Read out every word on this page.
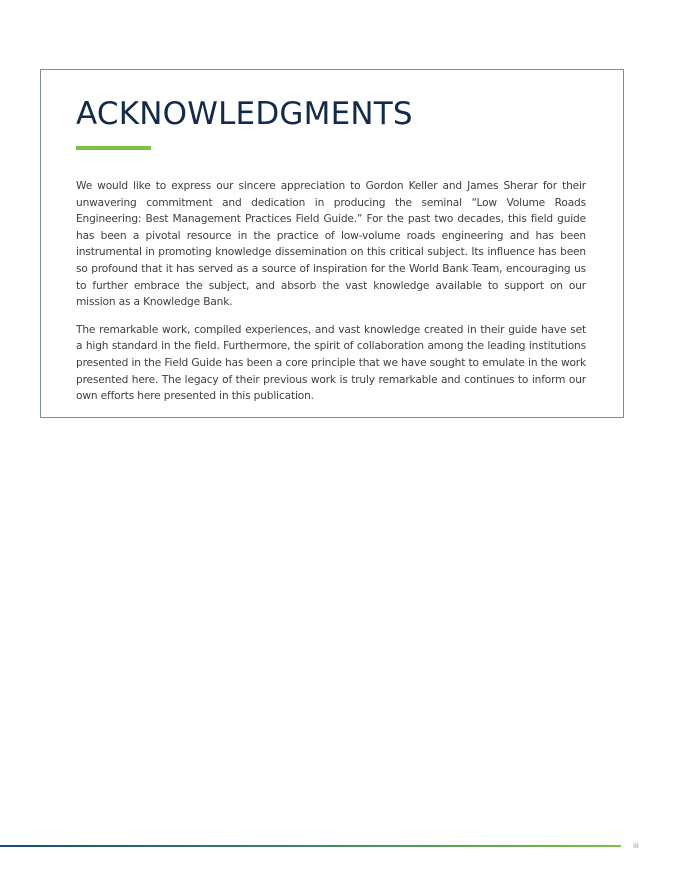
ACKNOWLEDGMENTS

We would like to express our sincere appreciation to Gordon Keller and James Sherar for their unwavering commitment and dedication in producing the seminal “Low Volume Roads Engineering: Best Management Practices Field Guide.” For the past two decades, this field guide has been a pivotal resource in the practice of low-volume roads engineering and has been instrumental in promoting knowledge dissemination on this critical subject. Its influence has been so profound that it has served as a source of inspiration for the World Bank Team, encouraging us to further embrace the subject, and absorb the vast knowledge available to support on our mission as a Knowledge Bank.

The remarkable work, compiled experiences, and vast knowledge created in their guide have set a high standard in the field. Furthermore, the spirit of collaboration among the leading institutions presented in the Field Guide has been a core principle that we have sought to emulate in the work presented here. The legacy of their previous work is truly remarkable and continues to inform our own efforts here presented in this publication.

iii
